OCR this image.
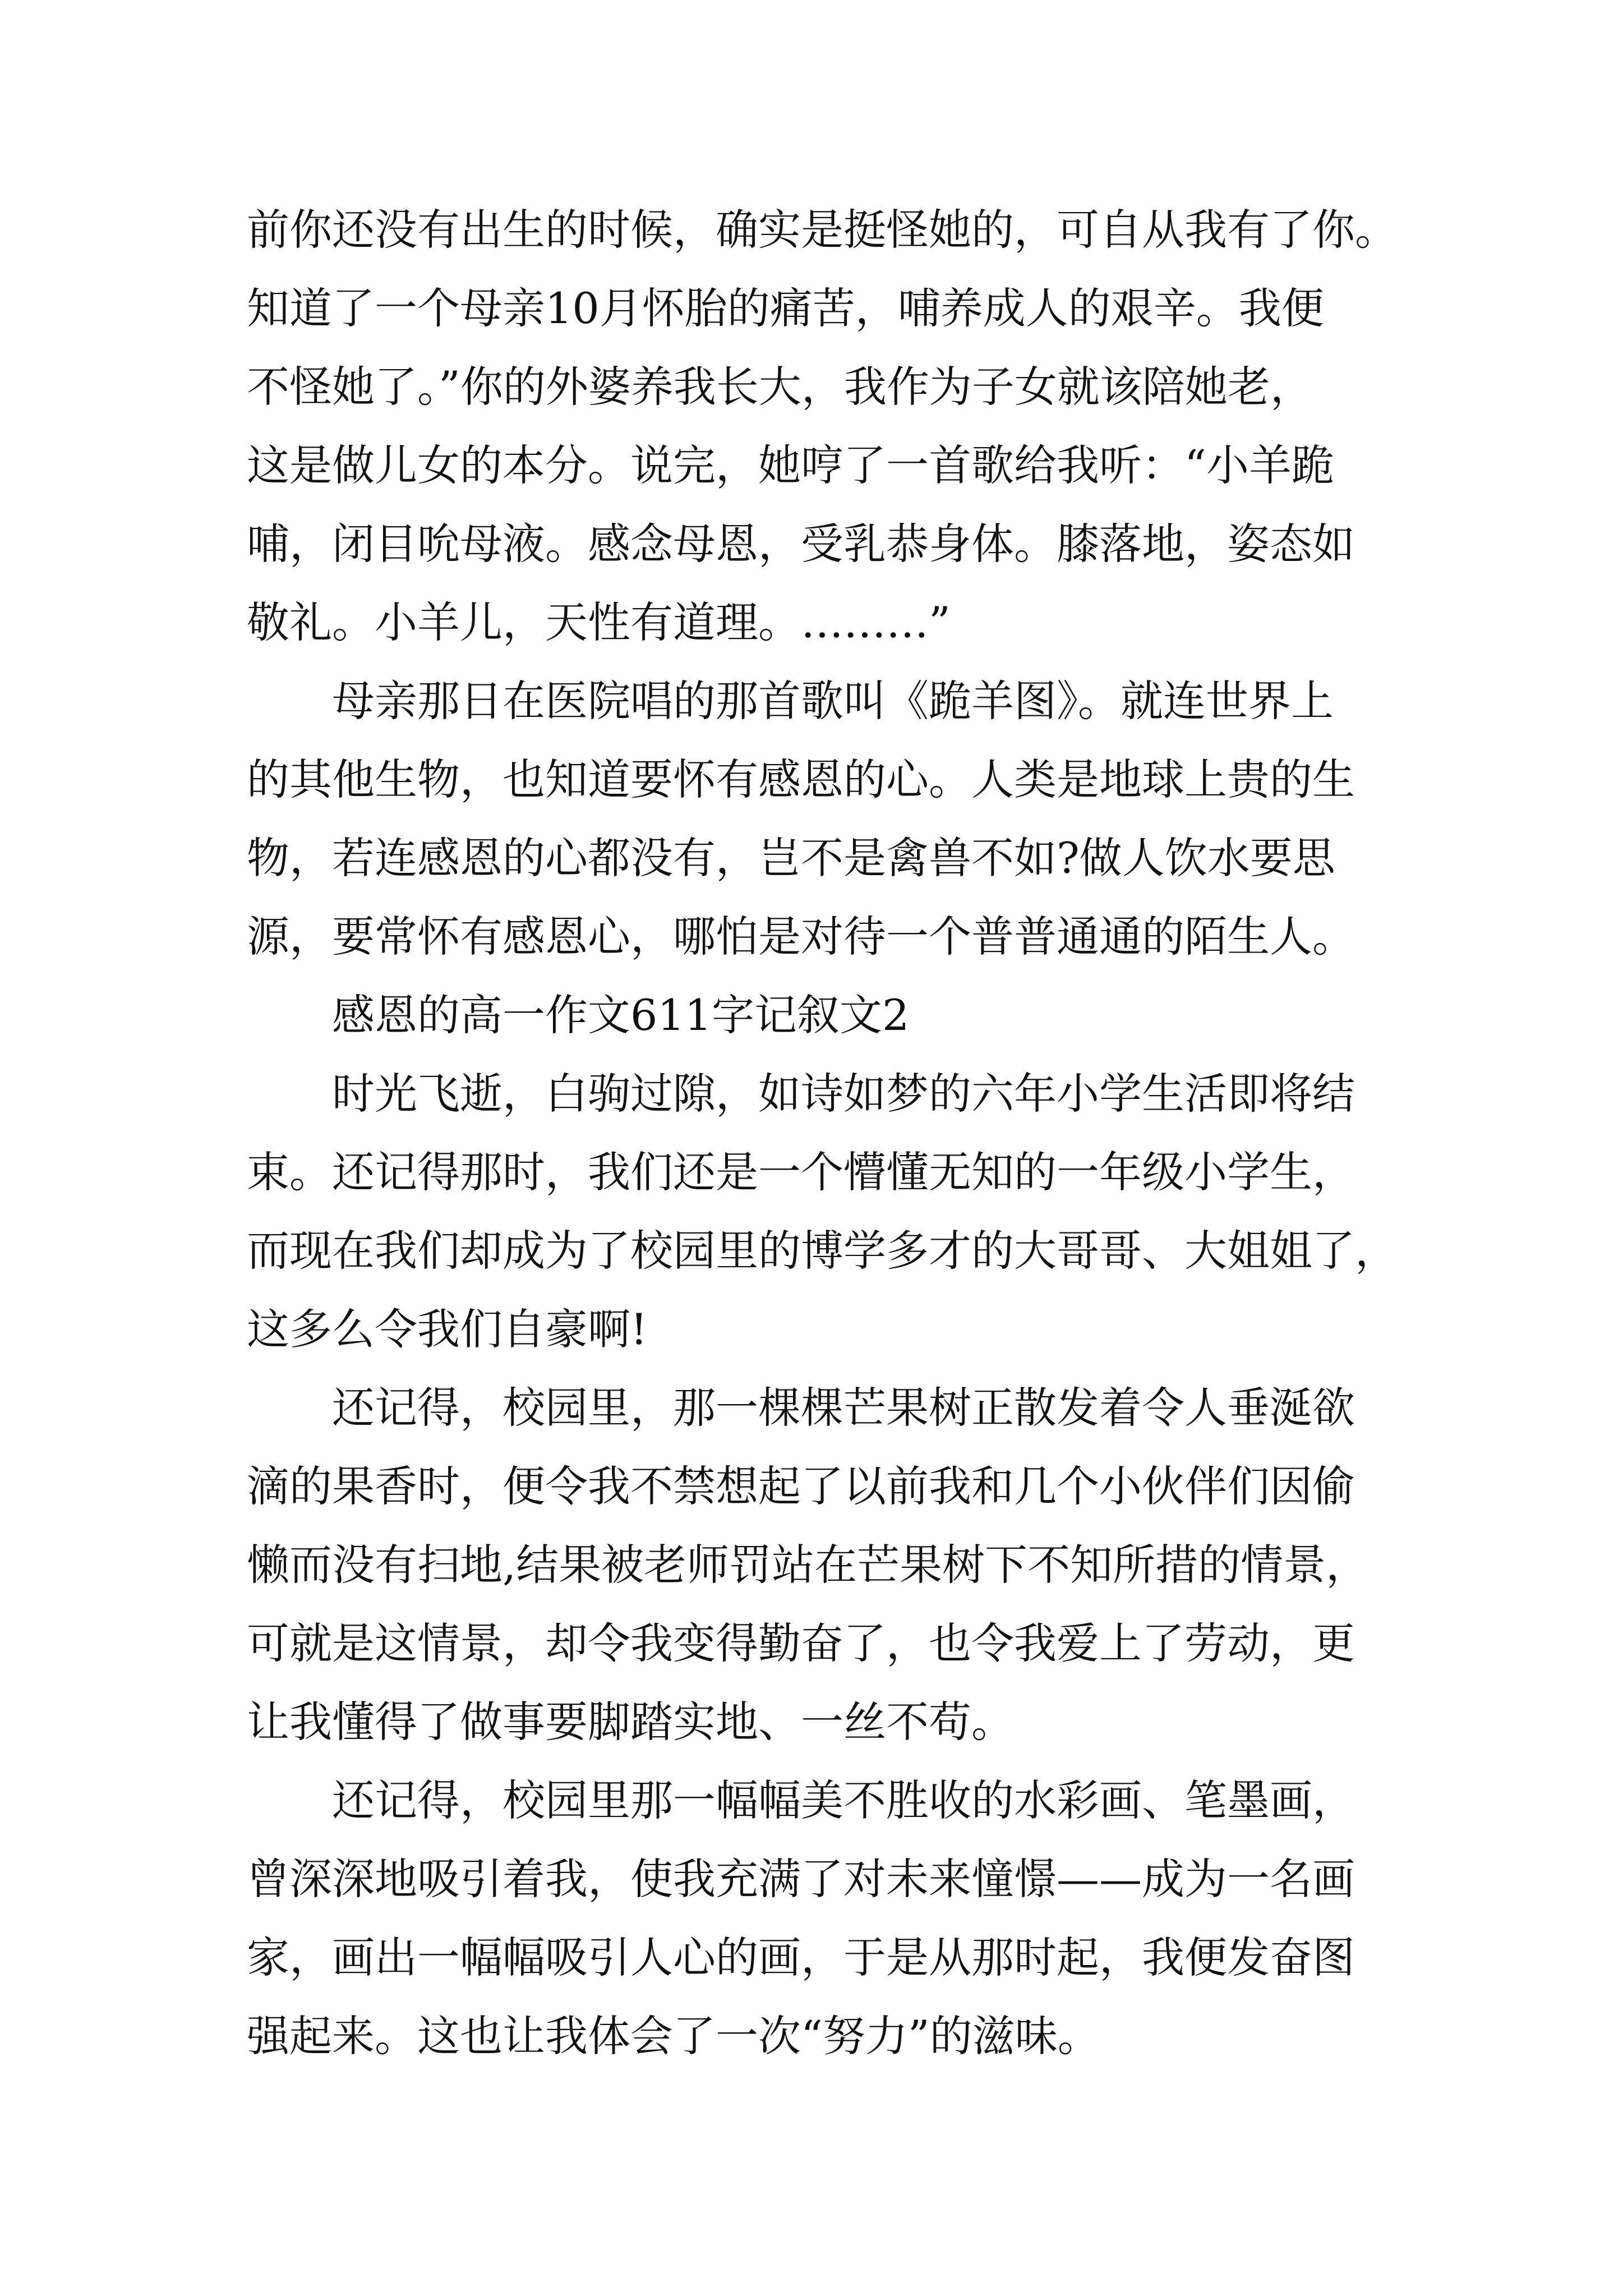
前你还没有出生的时候，确实是挺怪她的，可自从我有了你。
知道了一个母亲10月怀胎的痛苦，哺养成人的艰辛。我便
不怪她了。”你的外婆养我长大，我作为子女就该陪她老，
这是做儿女的本分。说完，她哼了一首歌给我听：“小羊跪
哺，闭目吮母液。感念母恩，受乳恭身体。膝落地，姿态如
敬礼。小羊儿，天性有道理。………”
母亲那日在医院唱的那首歌叫《跪羊图》。就连世界上
的其他生物，也知道要怀有感恩的心。人类是地球上贵的生
物，若连感恩的心都没有，岂不是禽兽不如?做人饮水要思
源，要常怀有感恩心，哪怕是对待一个普普通通的陌生人。
感恩的高一作文611字记叙文2
时光飞逝，白驹过隙，如诗如梦的六年小学生活即将结
束。还记得那时，我们还是一个懵懂无知的一年级小学生，
而现在我们却成为了校园里的博学多才的大哥哥、大姐姐了，
这多么令我们自豪啊!
还记得，校园里，那一棵棵芒果树正散发着令人垂涎欲
滴的果香时，便令我不禁想起了以前我和几个小伙伴们因偷
懒而没有扫地,结果被老师罚站在芒果树下不知所措的情景，
可就是这情景，却令我变得勤奋了，也令我爱上了劳动，更
让我懂得了做事要脚踏实地、一丝不苟。
还记得，校园里那一幅幅美不胜收的水彩画、笔墨画，
曾深深地吸引着我，使我充满了对未来憧憬——成为一名画
家，画出一幅幅吸引人心的画，于是从那时起，我便发奋图
强起来。这也让我体会了一次“努力”的滋味。
